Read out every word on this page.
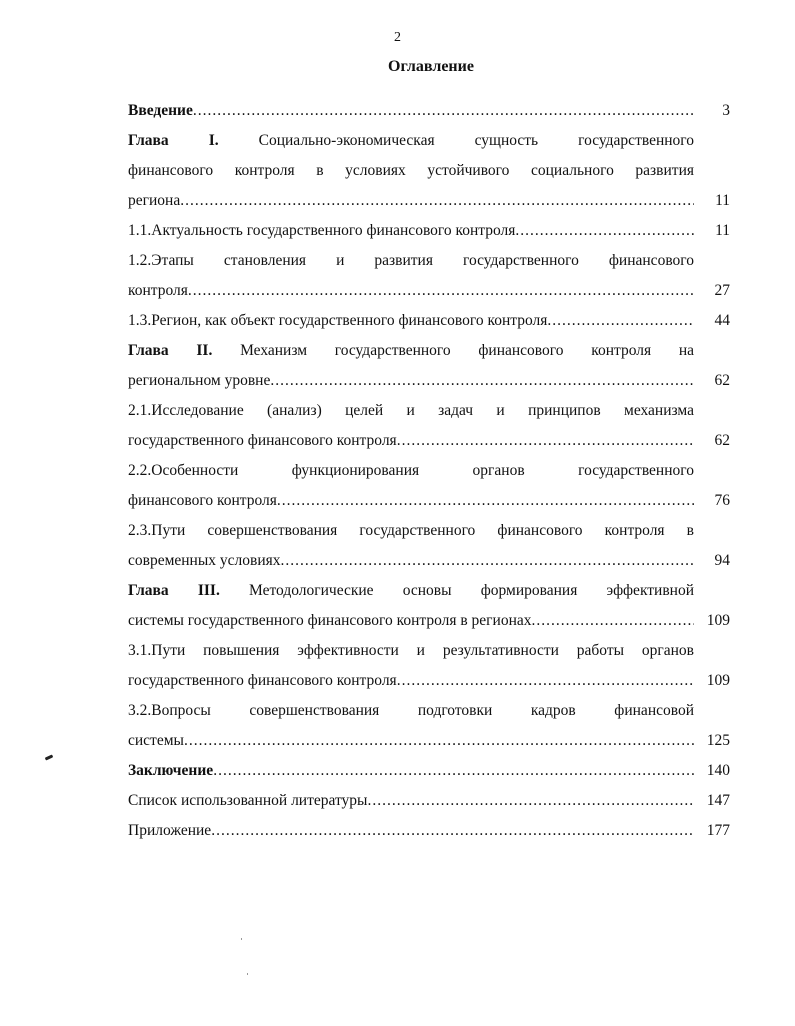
2
Оглавление
Введение .....	3
Глава I.	Социально-экономическая сущность государственного
финансового контроля в условиях устойчивого социального развития
региона .....	11
1.1.Актуальность государственного финансового контроля .....	11
1.2.Этапы становления и развития государственного финансового
контроля .....	27
1.3.Регион, как объект государственного финансового контроля .....	44
Глава II. Механизм государственного финансового контроля на
региональном уровне .....	62
2.1.Исследование (анализ) целей и задач и принципов механизма
государственного финансового контроля .....	62
2.2.Особенности функционирования органов государственного
финансового контроля .....	76
2.3.Пути совершенствования государственного финансового контроля в
современных условиях .....	94
Глава III. Методологические основы формирования эффективной
системы государственного финансового контроля в регионах .....	109
3.1.Пути повышения эффективности и результативности работы органов
государственного финансового контроля .....	109
3.2.Вопросы совершенствования подготовки кадров финансовой
системы .....	125
Заключение .....	140
Список использованной литературы .....	147
Приложение .....	177
